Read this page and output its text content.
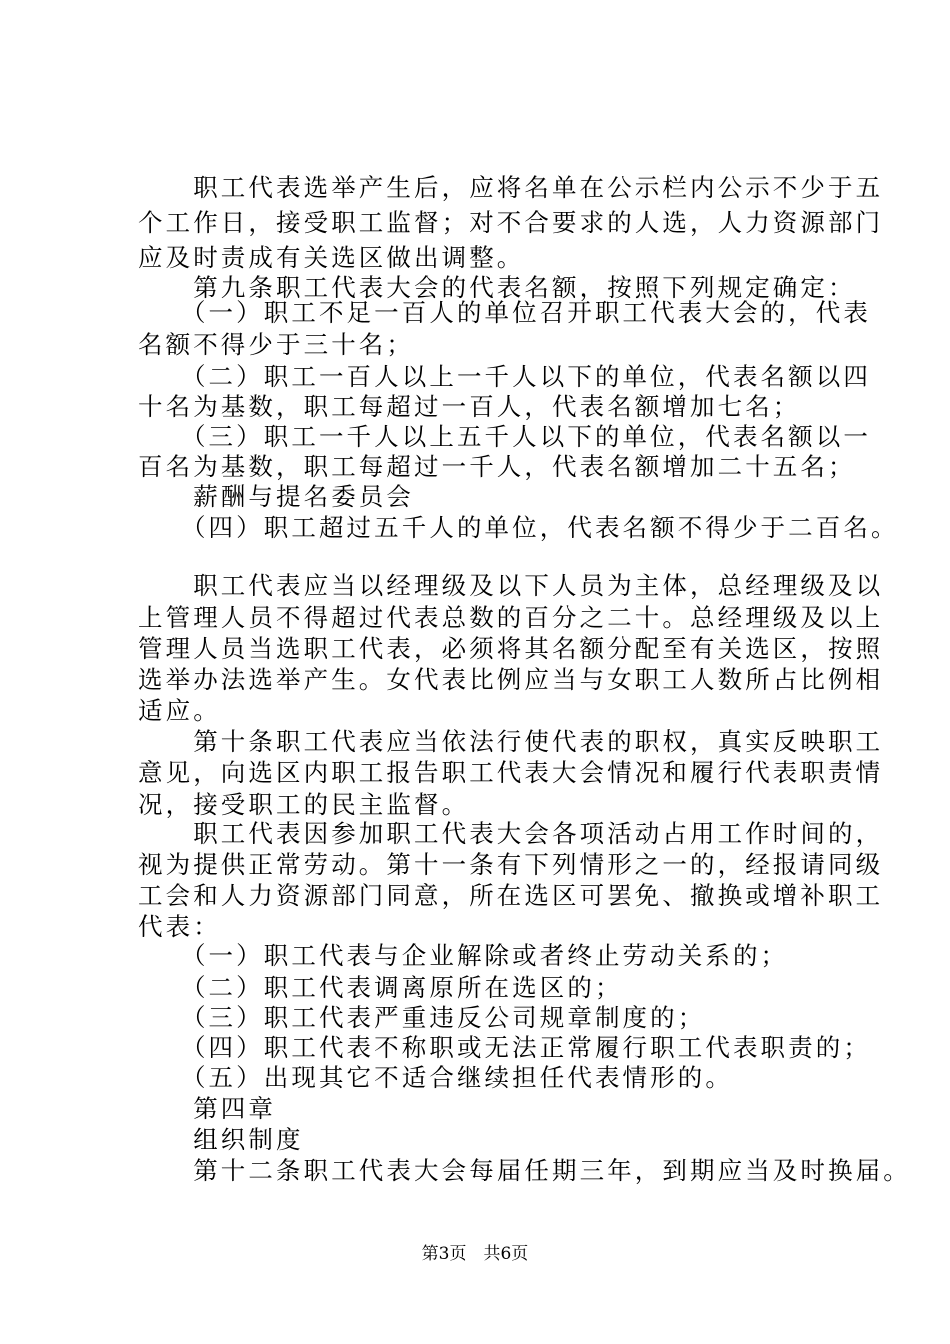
　　职工代表选举产生后，应将名单在公示栏内公示不少于五
个工作日，接受职工监督；对不合要求的人选，人力资源部门
应及时责成有关选区做出调整。
　　第九条职工代表大会的代表名额，按照下列规定确定：
　　（一）职工不足一百人的单位召开职工代表大会的，代表
名额不得少于三十名；
　　（二）职工一百人以上一千人以下的单位，代表名额以四
十名为基数，职工每超过一百人，代表名额增加七名；
　　（三）职工一千人以上五千人以下的单位，代表名额以一
百名为基数，职工每超过一千人，代表名额增加二十五名；
　　薪酬与提名委员会
　　（四）职工超过五千人的单位，代表名额不得少于二百名。
　　职工代表应当以经理级及以下人员为主体，总经理级及以
上管理人员不得超过代表总数的百分之二十。总经理级及以上
管理人员当选职工代表，必须将其名额分配至有关选区，按照
选举办法选举产生。女代表比例应当与女职工人数所占比例相
适应。
　　第十条职工代表应当依法行使代表的职权，真实反映职工
意见，向选区内职工报告职工代表大会情况和履行代表职责情
况，接受职工的民主监督。
　　职工代表因参加职工代表大会各项活动占用工作时间的，
视为提供正常劳动。第十一条有下列情形之一的，经报请同级
工会和人力资源部门同意，所在选区可罢免、撤换或增补职工
代表：
　　（一）职工代表与企业解除或者终止劳动关系的；
　　（二）职工代表调离原所在选区的；
　　（三）职工代表严重违反公司规章制度的；
　　（四）职工代表不称职或无法正常履行职工代表职责的；
　　（五）出现其它不适合继续担任代表情形的。
　　第四章
　　组织制度
　　第十二条职工代表大会每届任期三年，到期应当及时换届。
第3页　共6页
